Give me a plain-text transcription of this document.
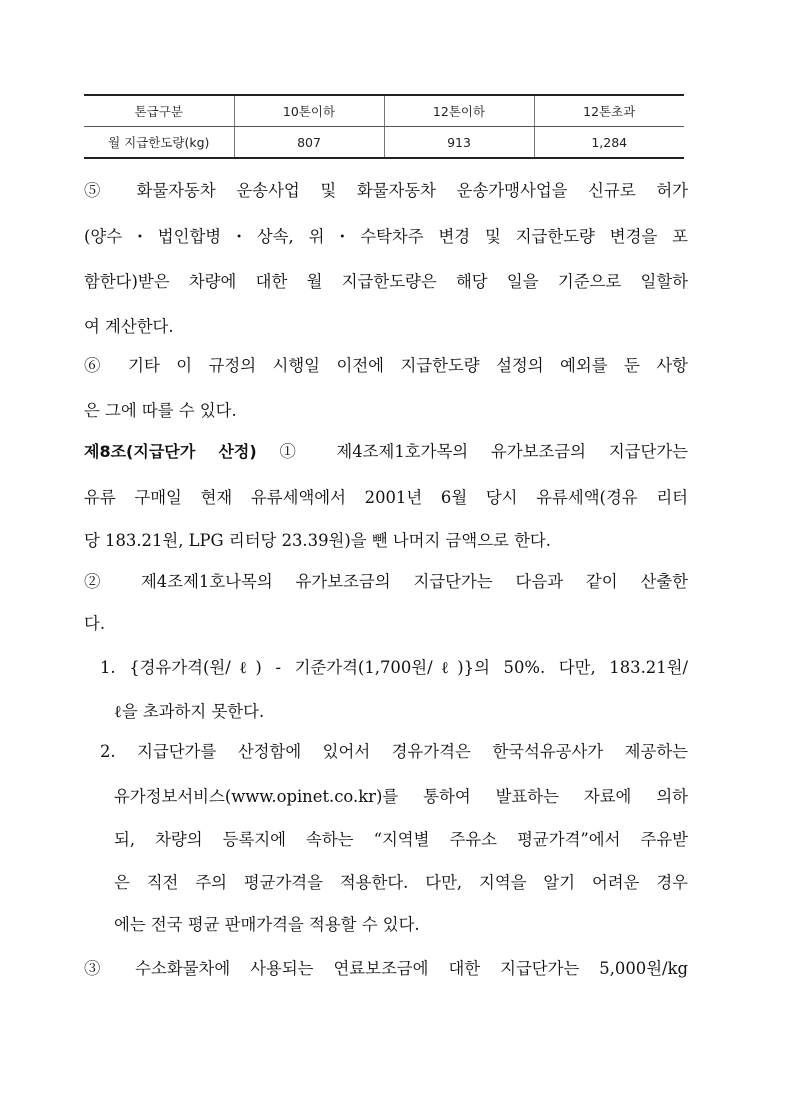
톤급구분	10톤이하	12톤이하	12톤초과
월 지급한도량(kg)	807	913	1,284
⑤ 화물자동차 운송사업 및 화물자동차 운송가맹사업을 신규로 허가
(양수・법인합병・상속, 위・수탁차주 변경 및 지급한도량 변경을 포
함한다)받은 차량에 대한 월 지급한도량은 해당 일을 기준으로 일할하
여 계산한다.
⑥ 기타 이 규정의 시행일 이전에 지급한도량 설정의 예외를 둔 사항
은 그에 따를 수 있다.
제8조(지급단가 산정) ① 제4조제1호가목의 유가보조금의 지급단가는
유류 구매일 현재 유류세액에서 2001년 6월 당시 유류세액(경유 리터
당 183.21원, LPG 리터당 23.39원)을 뺀 나머지 금액으로 한다.
② 제4조제1호나목의 유가보조금의 지급단가는 다음과 같이 산출한
다.
1. {경유가격(원/ℓ) - 기준가격(1,700원/ℓ)}의 50%. 다만, 183.21원/
ℓ을 초과하지 못한다.
2. 지급단가를 산정함에 있어서 경유가격은 한국석유공사가 제공하는
유가정보서비스(www.opinet.co.kr)를 통하여 발표하는 자료에 의하
되, 차량의 등록지에 속하는 “지역별 주유소 평균가격”에서 주유받
은 직전 주의 평균가격을 적용한다. 다만, 지역을 알기 어려운 경우
에는 전국 평균 판매가격을 적용할 수 있다.
③ 수소화물차에 사용되는 연료보조금에 대한 지급단가는 5,000원/kg
